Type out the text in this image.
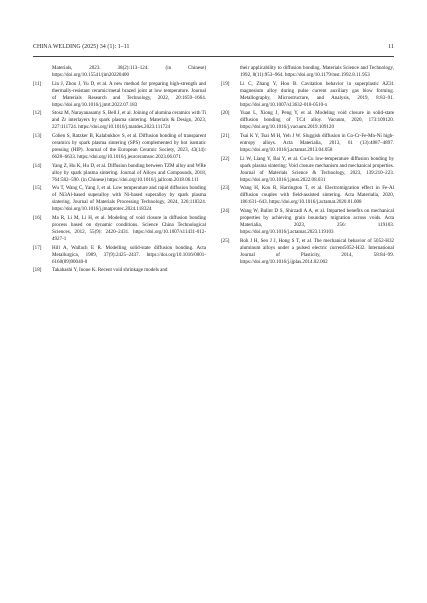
CHINA WELDING (2025) 34 (1): 1–11	11
Materials, 2023. 38(2):113–124. (in Chinese) https://doi.org/10.15541/jim20220400
[11] Lin J, Zhou J, Yu D, et al. A new method for preparing high-strength and thermally-resistant ceramic/metal brazed joint at low temperature. Journal of Materials Research and Technology, 2022, 20:1659–1664. https://doi.org/10.1016/j.jmrt.2022.07.183
[12] Stosz M, Narayanasamy S, Bell J, et al. Joining of alumina ceramics with Ti and Zr interlayers by spark plasma sintering. Materials & Design, 2023, 227:111724. https://doi.org/10.1016/j.matdes.2023.111724
[13] Cohen S, Ratzker B, Kalabukhov S, et al. Diffusion bonding of transparent ceramics by spark plasma sintering (SPS) complemented by hot isostatic pressing (HIP). Journal of the European Ceramic Society, 2023, 43(14): 6628–6633. https://doi.org/10.1016/j.jeurceramsoc.2023.06.071
[14] Yang Z, Hu K, Hu D, et al. Diffusion bonding between TZM alloy and WRe alloy by spark plasma sintering. Journal of Alloys and Compounds, 2018, 764:582–590. (in Chinese) https://doi.org/10.1016/j.jallcom.2018.06.111
[15] Wu T, Wang C, Yang J, et al. Low temperature and rapid diffusion bonding of Ni3Al-based superalloy with Ni-based superalloy by spark plasma sintering. Journal of Materials Processing Technology, 2024, 326:118324. https://doi.org/10.1016/j.jmatprotec.2024.118324
[16] Ma R, Li M, Li H, et al. Modeling of void closure in diffusion bonding process based on dynamic conditions. Science China Technological Sciences, 2012, 55(9): 2420–2431. https://doi.org/10.1007/s11431-012-4927-1
[17] Hill A, Wallach E R. Modelling solid-state diffusion bonding. Acta Metallurgica, 1989, 37(9):2425–2437. https://doi.org/10.1016/0001-6160(89)90040-0
[18] Takahashi Y, Inoue K. Recent void shrinkage models and
their applicability to diffusion bonding. Materials Science and Technology, 1992, 8(11):953–964. https://doi.org/10.1179/mst.1992.8.11.953
[19] Li C, Zhang Y, Hou B. Cavitation behavior in superplastic AZ31 magnesium alloy during pulse current auxiliary gas blow forming. Metallography, Microstructure, and Analysis, 2019, 8:83–91. https://doi.org/10.1007/s13632-018-0510-x
[20] Yuan L, Xiong J, Peng Y, et al. Modeling void closure in solid-state diffusion bonding of TC4 alloy. Vacuum, 2020, 173:109120. https://doi.org/10.1016/j.vacuum.2019.109120
[21] Tsai K Y, Tsai M H, Yeh J W. Sluggish diffusion in Co-Cr-Fe-Mn-Ni high-entropy alloys. Acta Materialia, 2013, 61 (13):4887–4897. https://doi.org/10.1016/j.actamat.2013.04.058
[22] Li W, Liang Y, Bai Y, et al. Cu-Cu low-temperature diffusion bonding by spark plasma sintering: Void closure mechanism and mechanical properties. Journal of Materials Science & Technology, 2023, 139:210–223. https://doi.org/10.1016/j.jmst.2022.08.031
[23] Wang H, Kou R, Harrington T, et al. Electromigration effect in Fe-Al diffusion couples with field-assisted sintering. Acta Materialia, 2020, 186:631–643. https://doi.org/10.1016/j.actamat.2020.01.008
[24] Wang W, Balint D S, Shirzadi A A, et al. Imparted benefits on mechanical properties by achieving grain boundary migration across voids. Acta Materialia, 2023, 256: 119103. https://doi.org/10.1016/j.actamat.2023.119103
[25] Roh J H, Seo J J, Hong S T, et al. The mechanical behavior of 5052-H32 aluminum alloys under a pulsed electric current5052-H32. International Journal of Plasticity, 2014, 58:84–99. https://doi.org/10.1016/j.ijplas.2014.02.002
